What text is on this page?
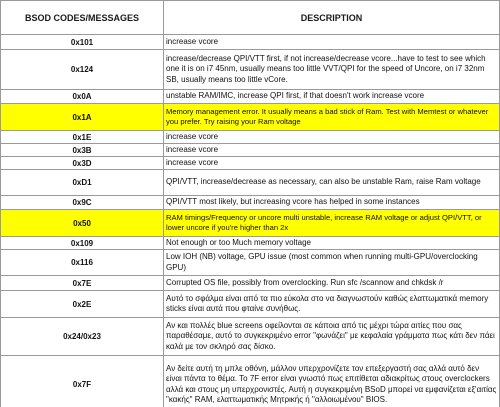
BSOD CODES/MESSAGES	DESCRIPTION
0x101	increase vcore
0x124	increase/decrease QPI/VTT first, if not increase/decrease vcore...have to test to see which one it is on i7 45nm, usually means too little VVT/QPI for the speed of Uncore, on i7 32nm SB, usually means too little vCore.
0x0A	unstable RAM/IMC, increase QPI first, if that doesn't work increase vcore
0x1A	Memory management error. It usually means a bad stick of Ram. Test with Memtest or whatever you prefer. Try raising your Ram voltage
0x1E	increase vcore
0x3B	increase vcore
0x3D	increase vcore
0xD1	QPI/VTT, increase/decrease as necessary, can also be unstable Ram, raise Ram voltage
0x9C	QPI/VTT most likely, but increasing vcore has helped in some instances
0x50	RAM timings/Frequency or uncore multi unstable, increase RAM voltage or adjust QPI/VTT, or lower uncore if you're higher than 2x
0x109	Not enough or too Much memory voltage
0x116	Low IOH (NB) voltage, GPU issue (most common when running multi-GPU/overclocking GPU)
0x7E	Corrupted OS file, possibly from overclocking. Run sfc /scannow and chkdsk /r
0x2E	Αυτό το σφάλμα είναι από τα πιο εύκολα στο να διαγνωστούν καθώς ελαττωματικά memory sticks είναι αυτά που φταίνε συνήθως.
0x24/0x23	Αν και πολλές blue screens οφείλονται σε κάποια από τις μέχρι τώρα αιτίες που σας παραθέσαμε, αυτό το συγκεκριμένο error "φωνάζει" με κεφαλαία γράμματα πως κάτι δεν πάει καλά με τον σκληρό σας δίσκο.
0x7F	Αν δείτε αυτή τη μπλε οθόνη, μάλλον υπερχρονίζετε τον επεξεργαστή σας αλλά αυτό δεν είναι πάντα το θέμα. Το 7F error είναι γνωστό πως επιτίθεται αδιακρίτως στους overclockers αλλά και στους μη υπερχρονιστές. Αυτή η συγκεκριμένη BSoD μπορεί να εμφανίζεται εξ'αιτίας "κακής" RAM, ελαττωματικής Μητρικής ή "αλλοιωμένου" BIOS.
